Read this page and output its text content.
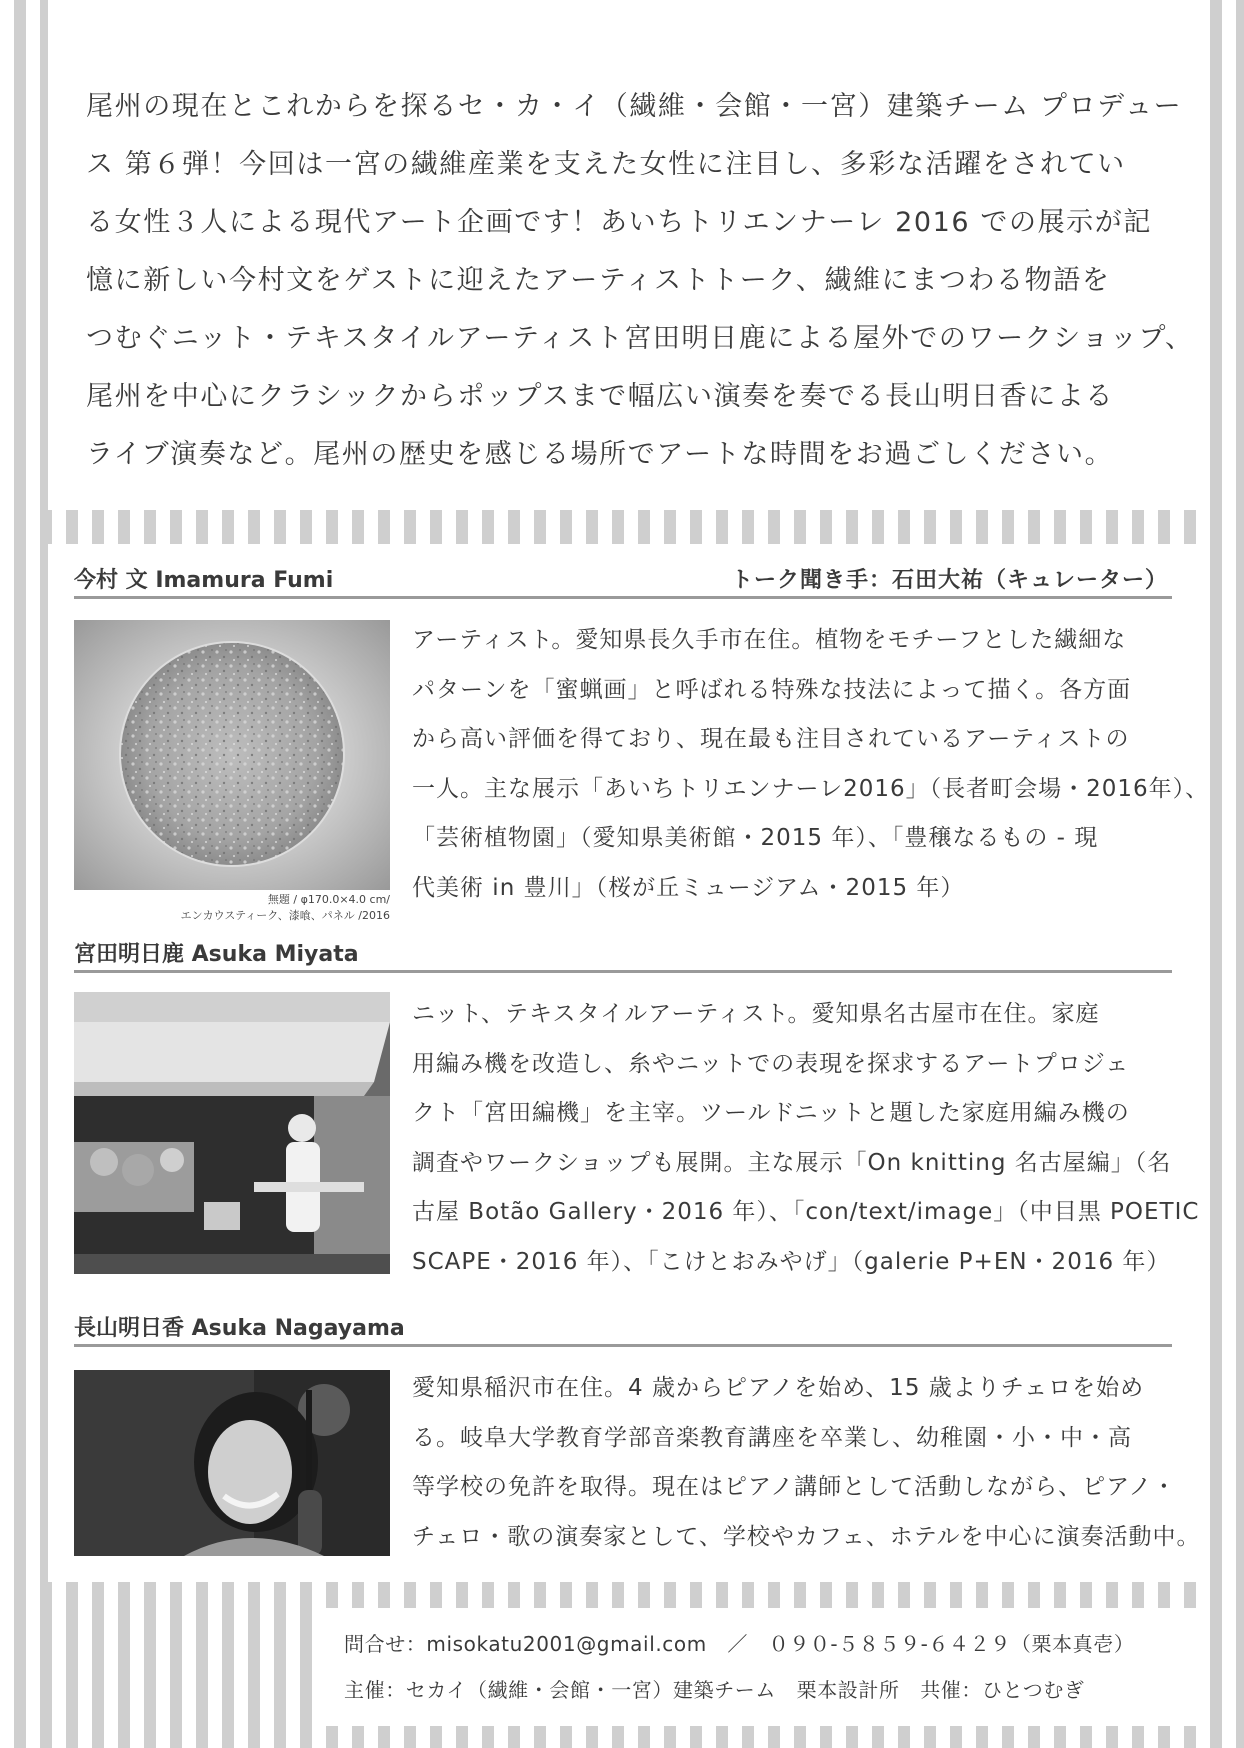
尾州の現在とこれからを探るセ・カ・イ（繊維・会館・一宮）建築チーム プロデュー
ス 第６弾！今回は一宮の繊維産業を支えた女性に注目し、多彩な活躍をされてい
る女性３人による現代アート企画です！あいちトリエンナーレ 2016 での展示が記
憶に新しい今村文をゲストに迎えたアーティストトーク、繊維にまつわる物語を
つむぐニット・テキスタイルアーティスト宮田明日鹿による屋外でのワークショップ、
尾州を中心にクラシックからポップスまで幅広い演奏を奏でる長山明日香による
ライブ演奏など。尾州の歴史を感じる場所でアートな時間をお過ごしください。

今村 文 Imamura Fumi	トーク聞き手：石田大祐（キュレーター）
無題 / φ170.0×4.0 cm/
エンカウスティーク、漆喰、パネル /2016

アーティスト。愛知県長久手市在住。植物をモチーフとした繊細な
パターンを「蜜蝋画」と呼ばれる特殊な技法によって描く。各方面
から高い評価を得ており、現在最も注目されているアーティストの
一人。主な展示「あいちトリエンナーレ2016」（長者町会場・2016年）、
「芸術植物園」（愛知県美術館・2015 年）、「豊穣なるもの - 現
代美術 in 豊川」（桜が丘ミュージアム・2015 年）

宮田明日鹿 Asuka Miyata

ニット、テキスタイルアーティスト。愛知県名古屋市在住。家庭
用編み機を改造し、糸やニットでの表現を探求するアートプロジェ
クト「宮田編機」を主宰。ツールドニットと題した家庭用編み機の
調査やワークショップも展開。主な展示「On knitting 名古屋編」（名
古屋 Botão Gallery・2016 年）、「con/text/image」（中目黒 POETIC
SCAPE・2016 年）、「こけとおみやげ」（galerie P+EN・2016 年）

長山明日香 Asuka Nagayama

愛知県稲沢市在住。4 歳からピアノを始め、15 歳よりチェロを始め
る。岐阜大学教育学部音楽教育講座を卒業し、幼稚園・小・中・高
等学校の免許を取得。現在はピアノ講師として活動しながら、ピアノ・
チェロ・歌の演奏家として、学校やカフェ、ホテルを中心に演奏活動中。

問合せ：misokatu2001@gmail.com　／　０９０-５８５９-６４２９（栗本真壱）
主催：セカイ（繊維・会館・一宮）建築チーム　栗本設計所　共催：ひとつむぎ
